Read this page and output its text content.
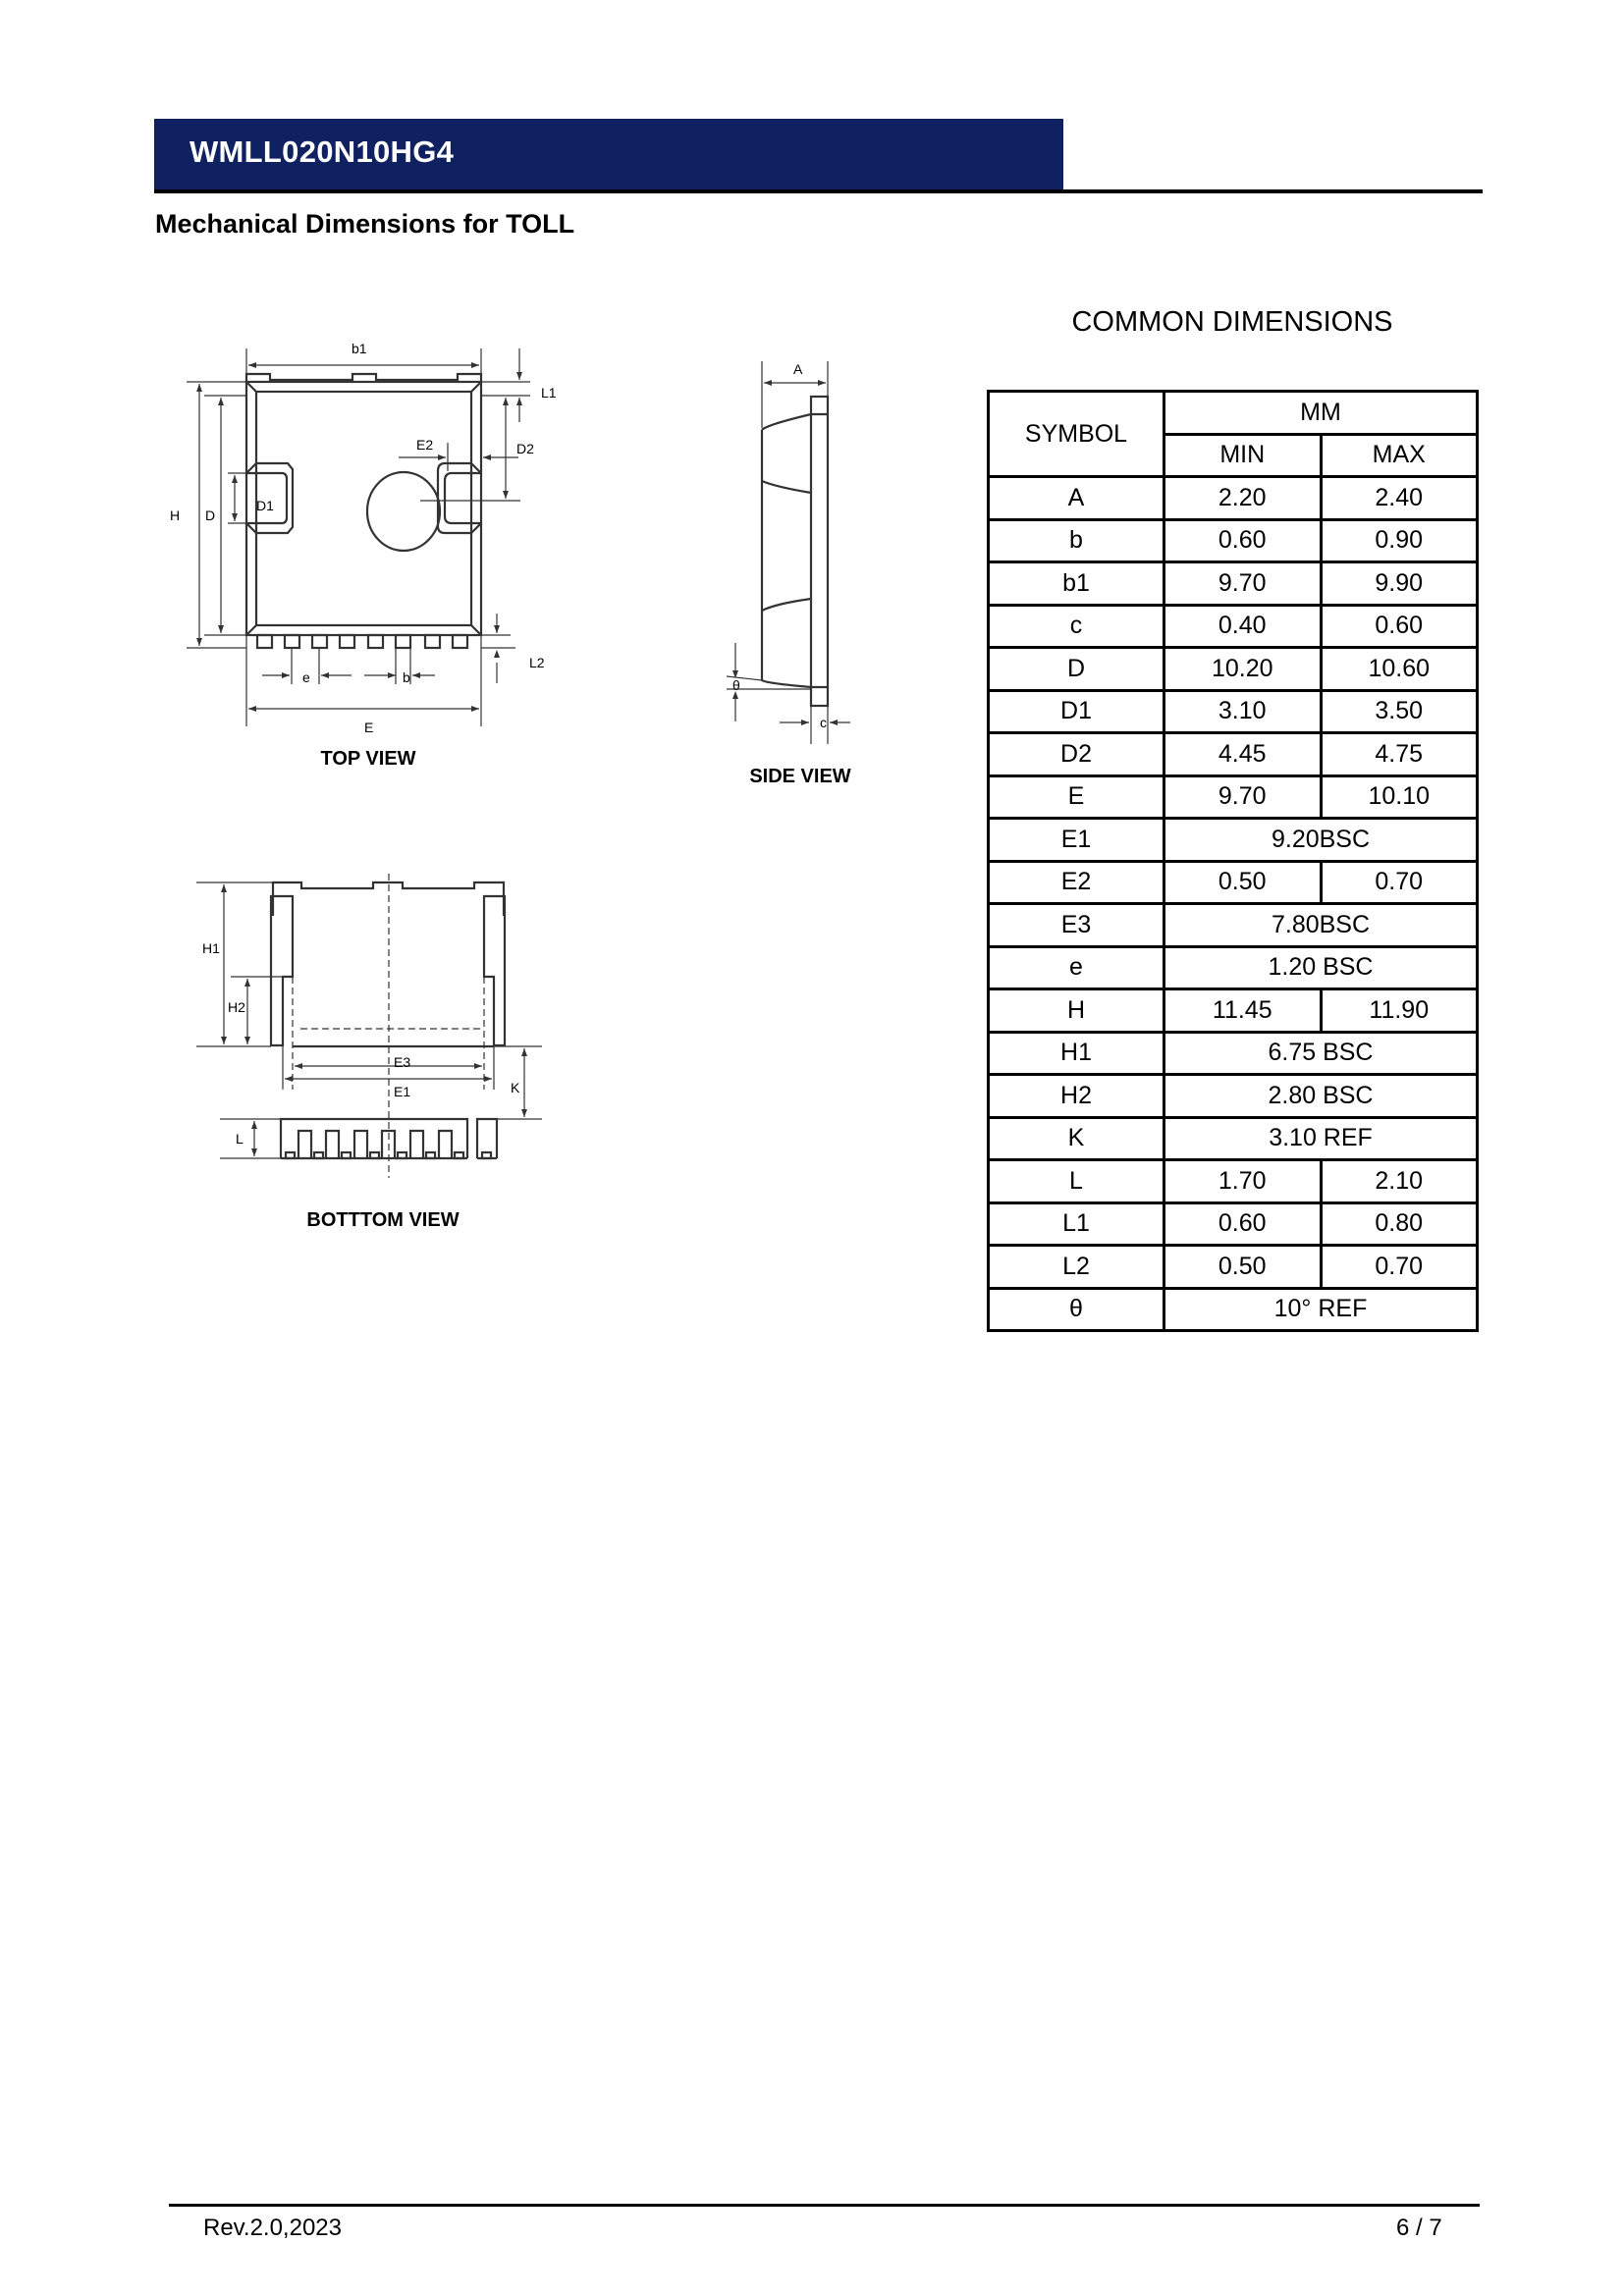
WMLL020N10HG4
Mechanical Dimensions for TOLL
b1
L1
E2	D2
H D
D1
L2
e	b
E
TOP VIEW
A
θ
c
SIDE VIEW
H1
H2
E3
E1	K
L
BOTTTOM VIEW
COMMON DIMENSIONS
SYMBOL	MM	
	MIN	MAX
A	2.20	2.40
b	0.60	0.90
b1	9.70	9.90
c	0.40	0.60
D	10.20	10.60
D1	3.10	3.50
D2	4.45	4.75
E	9.70	10.10
E1	9.20BSC	
E2	0.50	0.70
E3	7.80BSC	
e	1.20 BSC	
H	11.45	11.90
H1	6.75 BSC	
H2	2.80 BSC	
K	3.10 REF	
L	1.70	2.10
L1	0.60	0.80
L2	0.50	0.70
θ	10° REF	
Rev.2.0,2023	6 / 7
